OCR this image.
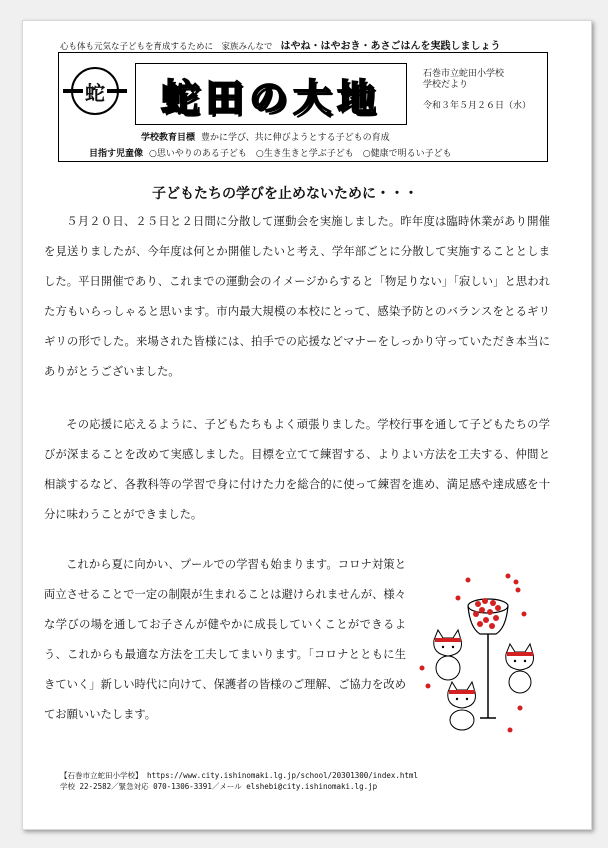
心も体も元気な子どもを育成するために　家族みんなで はやね・はやおき・あさごはんを実践しましょう
蛇 蛇田の大地
石巻市立蛇田小学校
学校だより
令和３年５月２６日（水）
学校教育目標 豊かに学び、共に伸びようとする子どもの育成
目指す児童像 ○思いやりのある子ども　○生き生きと学ぶ子ども　○健康で明るい子ども
子どもたちの学びを止めないために・・・

５月２０日、２５日と２日間に分散して運動会を実施しました。昨年度は臨時休業があり開催を見送りましたが、今年度は何とか開催したいと考え、学年部ごとに分散して実施することとしました。平日開催であり、これまでの運動会のイメージからすると「物足りない」「寂しい」と思われた方もいらっしゃると思います。市内最大規模の本校にとって、感染予防とのバランスをとるギリギリの形でした。来場された皆様には、拍手での応援などマナーをしっかり守っていただき本当にありがとうございました。

その応援に応えるように、子どもたちもよく頑張りました。学校行事を通して子どもたちの学びが深まることを改めて実感しました。目標を立てて練習する、よりよい方法を工夫する、仲間と相談するなど、各教科等の学習で身に付けた力を総合的に使って練習を進め、満足感や達成感を十分に味わうことができました。

これから夏に向かい、プールでの学習も始まります。コロナ対策と両立させることで一定の制限が生まれることは避けられませんが、様々な学びの場を通してお子さんが健やかに成長していくことができるよう、これからも最適な方法を工夫してまいります。「コロナとともに生きていく」新しい時代に向けて、保護者の皆様のご理解、ご協力を改めてお願いいたします。

【石巻市立蛇田小学校】 https://www.city.ishinomaki.lg.jp/school/20301300/index.html
学校 22-2582／緊急対応 070-1306-3391／メール elshebi@city.ishinomaki.lg.jp
